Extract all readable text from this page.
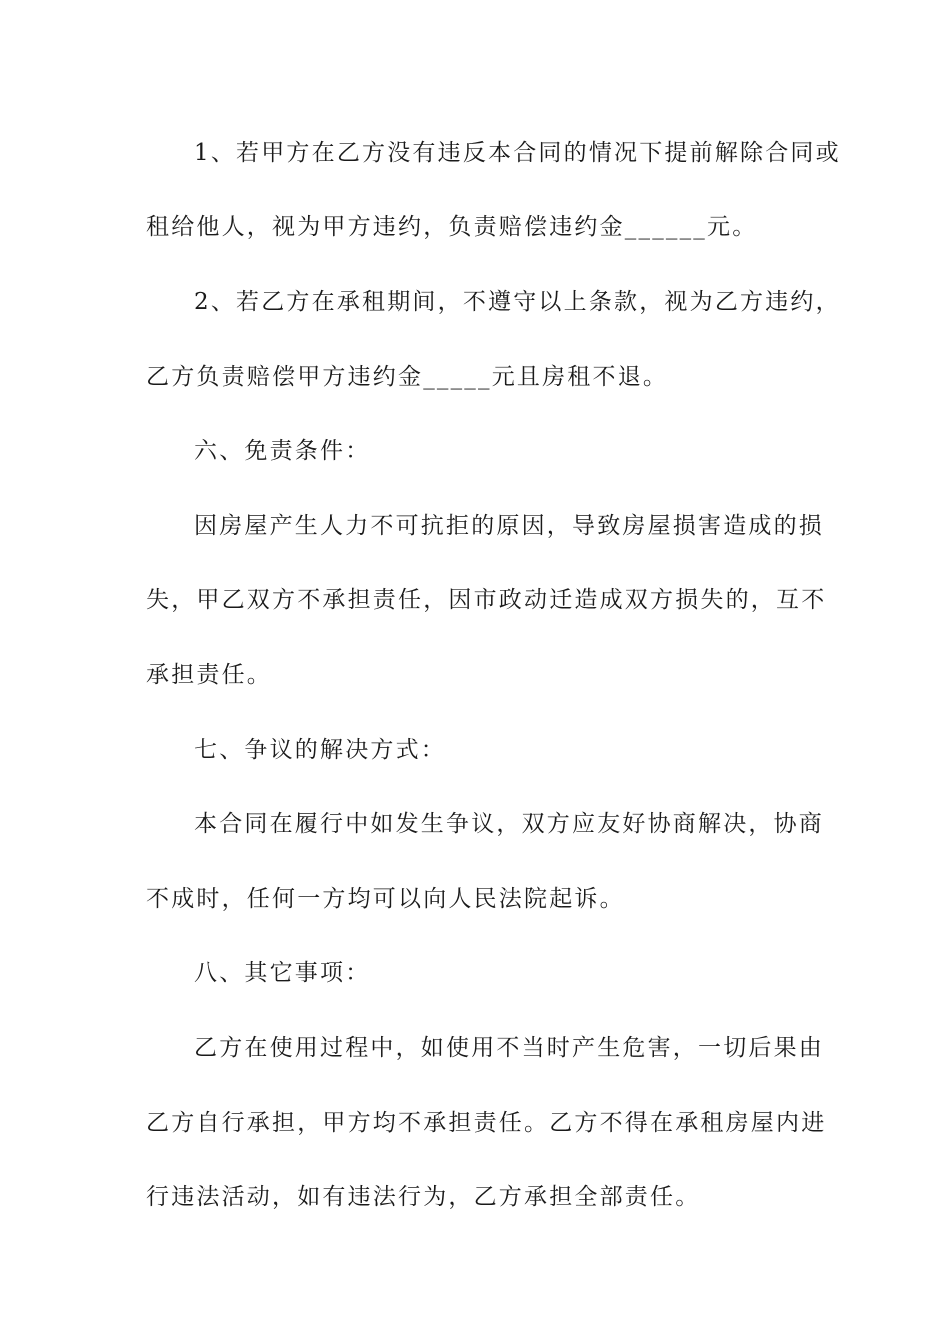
1、若甲方在乙方没有违反本合同的情况下提前解除合同或
租给他人，视为甲方违约，负责赔偿违约金______元。
2、若乙方在承租期间，不遵守以上条款，视为乙方违约，
乙方负责赔偿甲方违约金_____元且房租不退。
六、免责条件：
因房屋产生人力不可抗拒的原因，导致房屋损害造成的损
失，甲乙双方不承担责任，因市政动迁造成双方损失的，互不
承担责任。
七、争议的解决方式：
本合同在履行中如发生争议，双方应友好协商解决，协商
不成时，任何一方均可以向人民法院起诉。
八、其它事项：
乙方在使用过程中，如使用不当时产生危害，一切后果由
乙方自行承担，甲方均不承担责任。乙方不得在承租房屋内进
行违法活动，如有违法行为，乙方承担全部责任。
